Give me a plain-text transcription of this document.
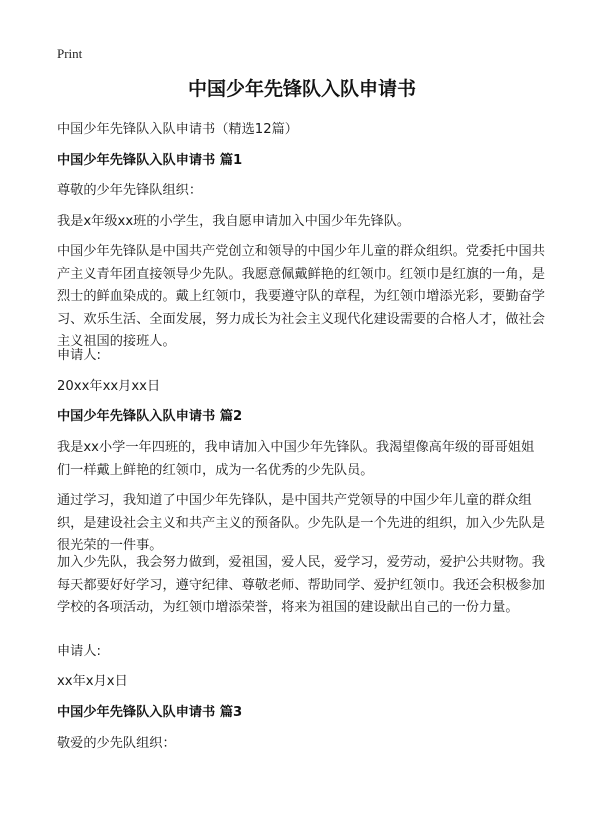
Print
中国少年先锋队入队申请书

中国少年先锋队入队申请书（精选12篇）

中国少年先锋队入队申请书 篇1

尊敬的少年先锋队组织：

我是x年级xx班的小学生，我自愿申请加入中国少年先锋队。

中国少年先锋队是中国共产党创立和领导的中国少年儿童的群众组织。党委托中国共产主义青年团直接领导少先队。我愿意佩戴鲜艳的红领巾。红领巾是红旗的一角，是烈士的鲜血染成的。戴上红领巾，我要遵守队的章程，为红领巾增添光彩，要勤奋学习、欢乐生活、全面发展，努力成长为社会主义现代化建设需要的合格人才，做社会主义祖国的接班人。

申请人:

20xx年xx月xx日

中国少年先锋队入队申请书 篇2

我是xx小学一年四班的，我申请加入中国少年先锋队。我渴望像高年级的哥哥姐姐们一样戴上鲜艳的红领巾，成为一名优秀的少先队员。

通过学习，我知道了中国少年先锋队，是中国共产党领导的中国少年儿童的群众组织，是建设社会主义和共产主义的预备队。少先队是一个先进的组织，加入少先队是很光荣的一件事。

加入少先队，我会努力做到，爱祖国，爱人民，爱学习，爱劳动，爱护公共财物。我每天都要好好学习，遵守纪律、尊敬老师、帮助同学、爱护红领巾。我还会积极参加学校的各项活动，为红领巾增添荣誉，将来为祖国的建设献出自己的一份力量。

申请人:

xx年x月x日

中国少年先锋队入队申请书 篇3

敬爱的少先队组织：
